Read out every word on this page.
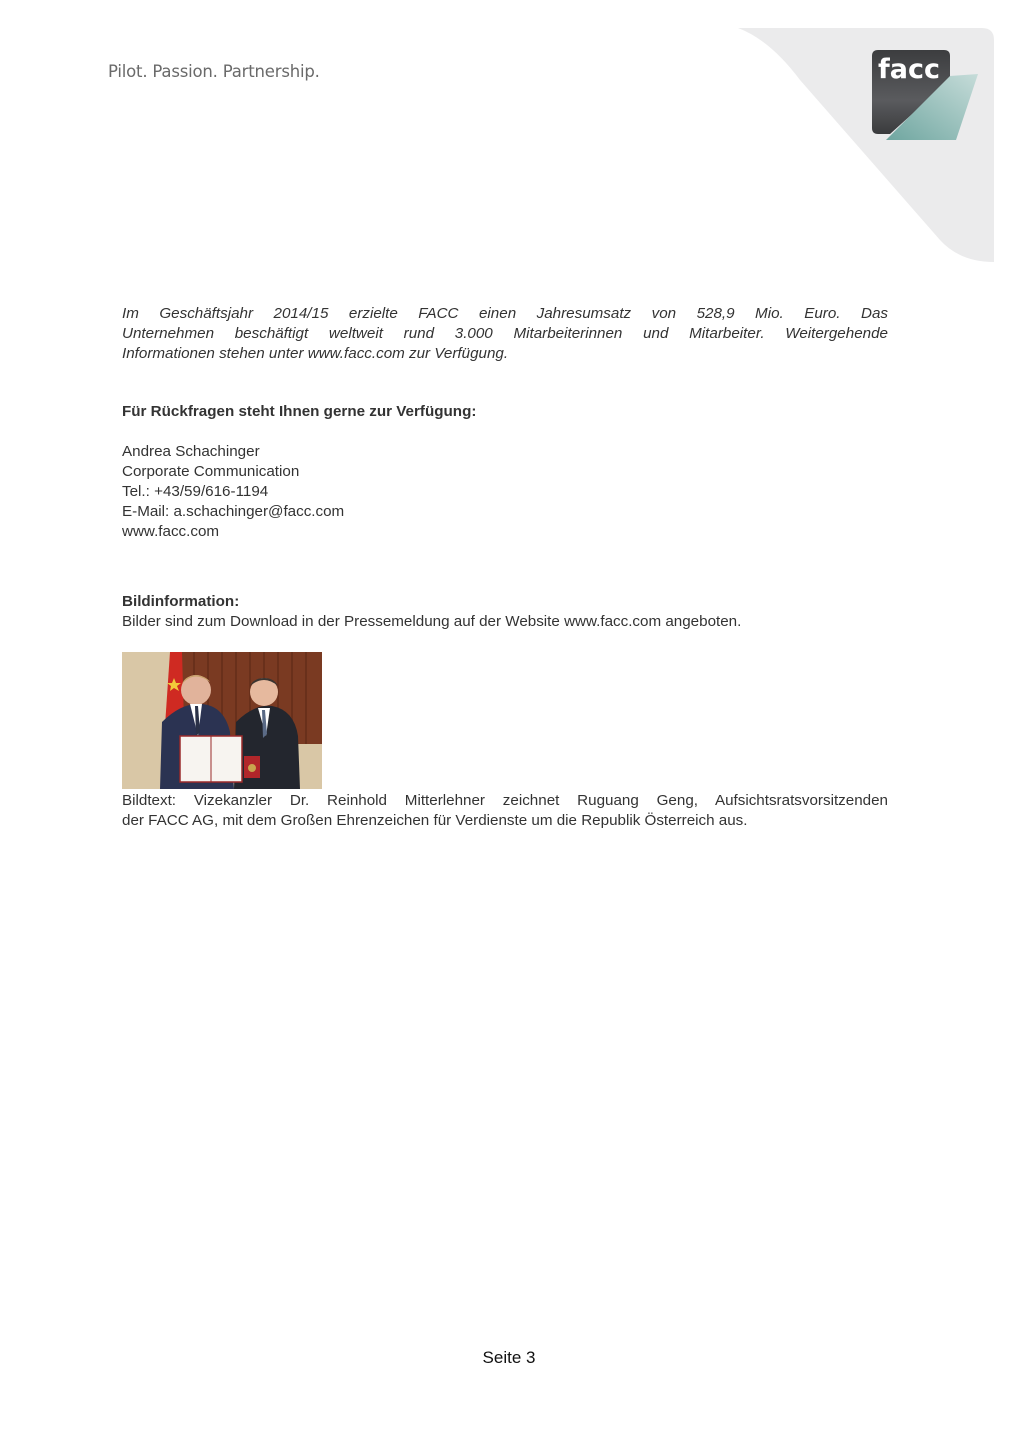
Pilot. Passion. Partnership.	facc
Im Geschäftsjahr 2014/15 erzielte FACC einen Jahresumsatz von 528,9 Mio. Euro. Das
Unternehmen beschäftigt weltweit rund 3.000 Mitarbeiterinnen und Mitarbeiter. Weitergehende
Informationen stehen unter www.facc.com zur Verfügung.
Für Rückfragen steht Ihnen gerne zur Verfügung:
Andrea Schachinger
Corporate Communication
Tel.: +43/59/616-1194
E-Mail: a.schachinger@facc.com
www.facc.com
Bildinformation:
Bilder sind zum Download in der Pressemeldung auf der Website www.facc.com angeboten.
Bildtext: Vizekanzler Dr. Reinhold Mitterlehner zeichnet Ruguang Geng, Aufsichtsratsvorsitzenden
der FACC AG, mit dem Großen Ehrenzeichen für Verdienste um die Republik Österreich aus.
Seite 3
